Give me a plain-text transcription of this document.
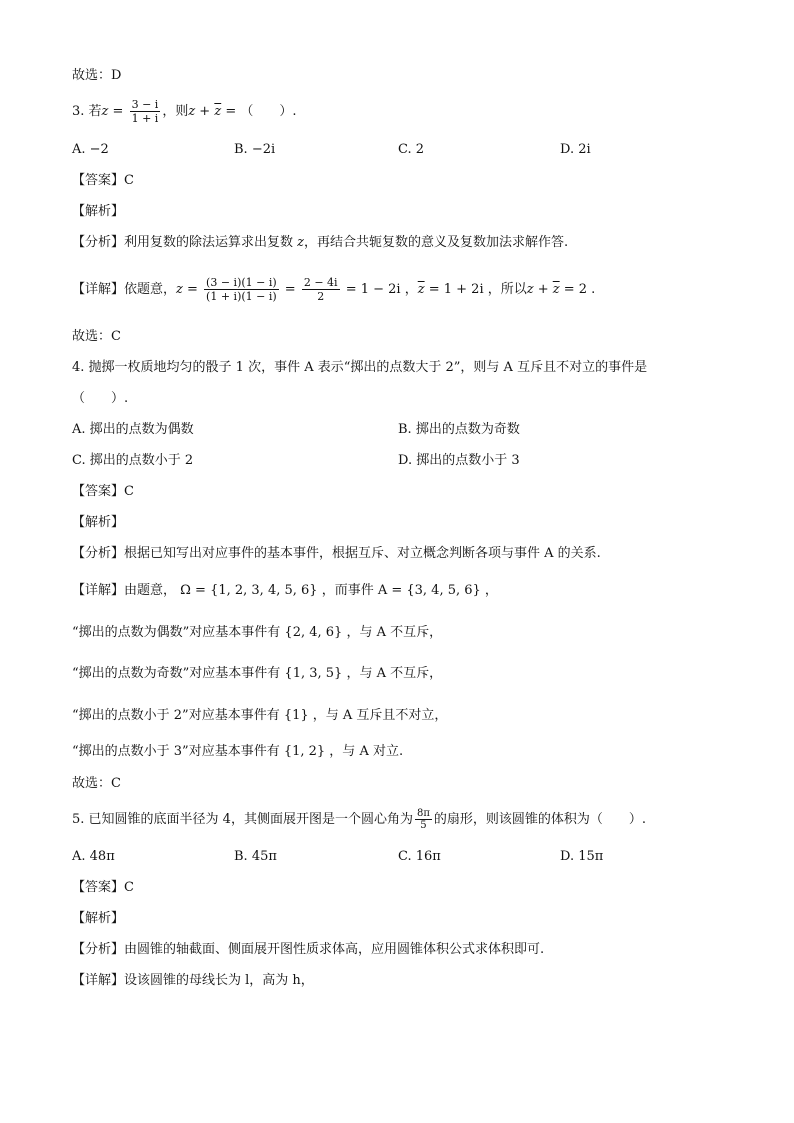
故选：D
3. 若$z = \frac{3 - i}{1 + i}$ ，则$z + \overline{z}$ = （　　）.
A. −2	B. −2i	C. 2	D. 2i
【答案】C
【解析】
【分析】利用复数的除法运算求出复数 z，再结合共轭复数的意义及复数加法求解作答.
【详解】依题意，$z = \frac{(3 - i)(1 - i)}{(1 + i)(1 - i)} = \frac{2 - 4i}{2} = 1 - 2i$ ，$\overline{z} = 1 + 2i$ ，所以$z + \overline{z} = 2$ .
故选：C
4. 抛掷一枚质地均匀的骰子 1 次，事件 A 表示“掷出的点数大于 2”，则与 A 互斥且不对立的事件是
（　　）.
A. 掷出的点数为偶数	B. 掷出的点数为奇数
C. 掷出的点数小于 2	D. 掷出的点数小于 3
【答案】C
【解析】
【分析】根据已知写出对应事件的基本事件，根据互斥、对立概念判断各项与事件 A 的关系.
【详解】由题意， Ω = {1, 2, 3, 4, 5, 6} ，而事件 A = {3, 4, 5, 6} ，
“掷出的点数为偶数”对应基本事件有 {2, 4, 6} ，与 A 不互斥，
“掷出的点数为奇数”对应基本事件有 {1, 3, 5} ，与 A 不互斥，
“掷出的点数小于 2”对应基本事件有 {1} ，与 A 互斥且不对立，
“掷出的点数小于 3”对应基本事件有 {1, 2} ，与 A 对立.
故选：C
5. 已知圆锥的底面半径为 4，其侧面展开图是一个圆心角为 $\frac{8\pi}{5}$ 的扇形，则该圆锥的体积为（　　）.
A. 48π	B. 45π	C. 16π	D. 15π
【答案】C
【解析】
【分析】由圆锥的轴截面、侧面展开图性质求体高，应用圆锥体积公式求体积即可.
【详解】设该圆锥的母线长为 l，高为 h，
